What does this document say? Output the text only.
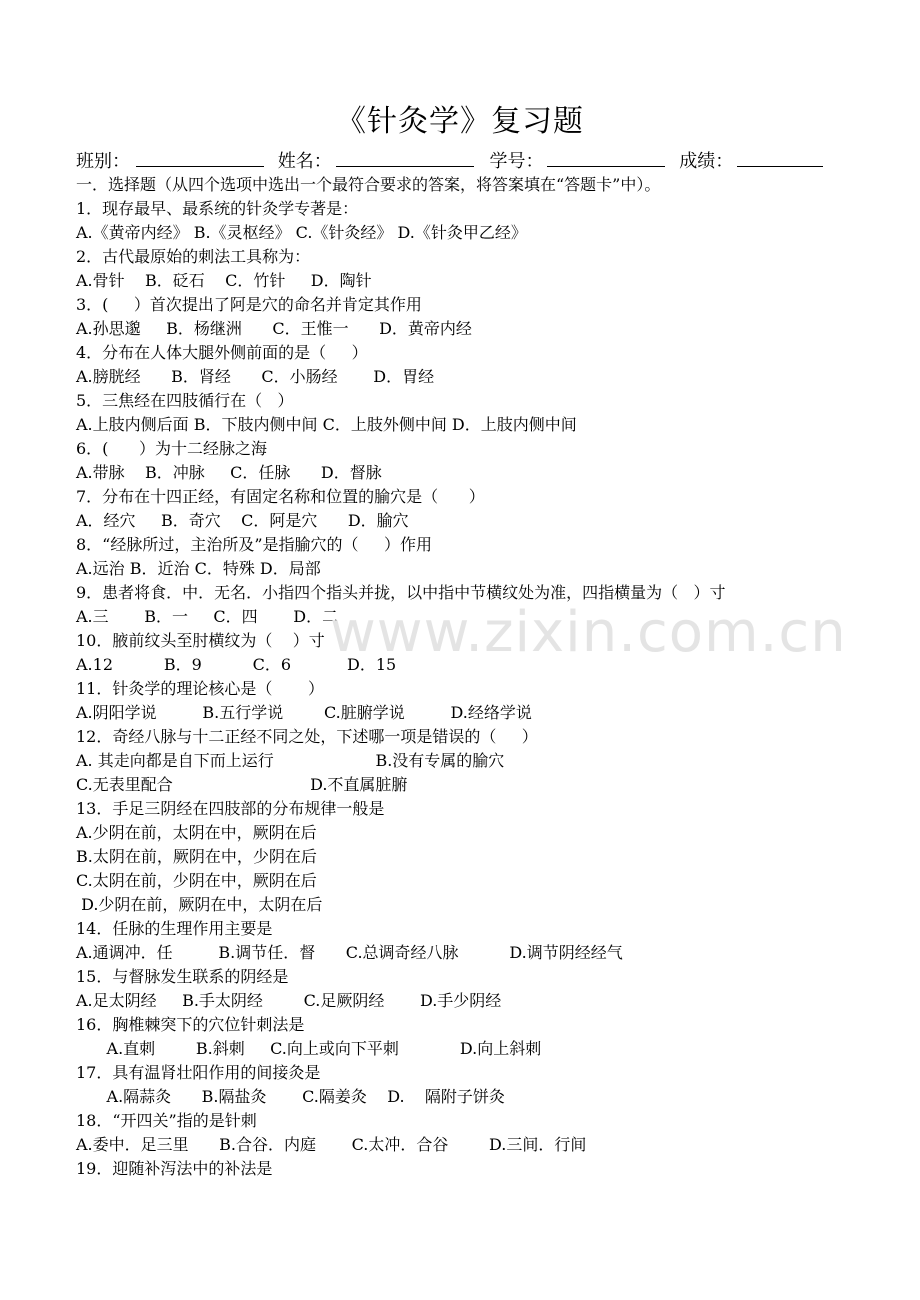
《针灸学》复习题
班别：	姓名：	学号：	成绩：
一．选择题（从四个选项中选出一个最符合要求的答案，将答案填在“答题卡”中）。
1．现存最早、最系统的针灸学专著是：
A.《黄帝内经》 B.《灵枢经》 C.《针灸经》 D.《针灸甲乙经》
2．古代最原始的刺法工具称为：
A.骨针    B．砭石    C．竹针     D．陶针
3．(     ）首次提出了阿是穴的命名并肯定其作用
A.孙思邈     B．杨继洲      C．王惟一      D．黄帝内经
4．分布在人体大腿外侧前面的是（     ）
A.膀胱经      B．肾经      C．小肠经       D．胃经
5．三焦经在四肢循行在（   ）
A.上肢内侧后面 B．下肢内侧中间 C．上肢外侧中间 D．上肢内侧中间
6．(      ）为十二经脉之海
A.带脉    B．冲脉     C．任脉      D．督脉
7．分布在十四正经，有固定名称和位置的腧穴是（      ）
A．经穴     B．奇穴    C．阿是穴      D．腧穴
8．“经脉所过，主治所及”是指腧穴的（     ）作用
A.远治 B．近治 C．特殊 D．局部
9．患者将食．中．无名．小指四个指头并拢，以中指中节横纹处为准，四指横量为（   ）寸
A.三       B．一     C．四       D．二
10．腋前纹头至肘横纹为（    ）寸
A.12          B．9          C．6           D．15
11．针灸学的理论核心是（       ）
A.阴阳学说         B.五行学说        C.脏腑学说         D.经络学说
12．奇经八脉与十二正经不同之处，下述哪一项是错误的（     ）
A. 其走向都是自下而上运行                    B.没有专属的腧穴
C.无表里配合                           D.不直属脏腑
13．手足三阴经在四肢部的分布规律一般是
A.少阴在前，太阴在中，厥阴在后
B.太阴在前，厥阴在中，少阴在后
C.太阴在前，少阴在中，厥阴在后
D.少阴在前，厥阴在中，太阴在后
14．任脉的生理作用主要是
A.通调冲．任         B.调节任．督      C.总调奇经八脉          D.调节阴经经气
15．与督脉发生联系的阴经是
A.足太阴经     B.手太阴经        C.足厥阴经       D.手少阴经
16．胸椎棘突下的穴位针刺法是
A.直刺        B.斜刺     C.向上或向下平刺            D.向上斜刺
17．具有温肾壮阳作用的间接灸是
A.隔蒜灸      B.隔盐灸       C.隔姜灸    D.    隔附子饼灸
18．“开四关”指的是针刺
A.委中．足三里      B.合谷．内庭       C.太冲．合谷        D.三间．行间
19．迎随补泻法中的补法是
www.zixin.com.cn
